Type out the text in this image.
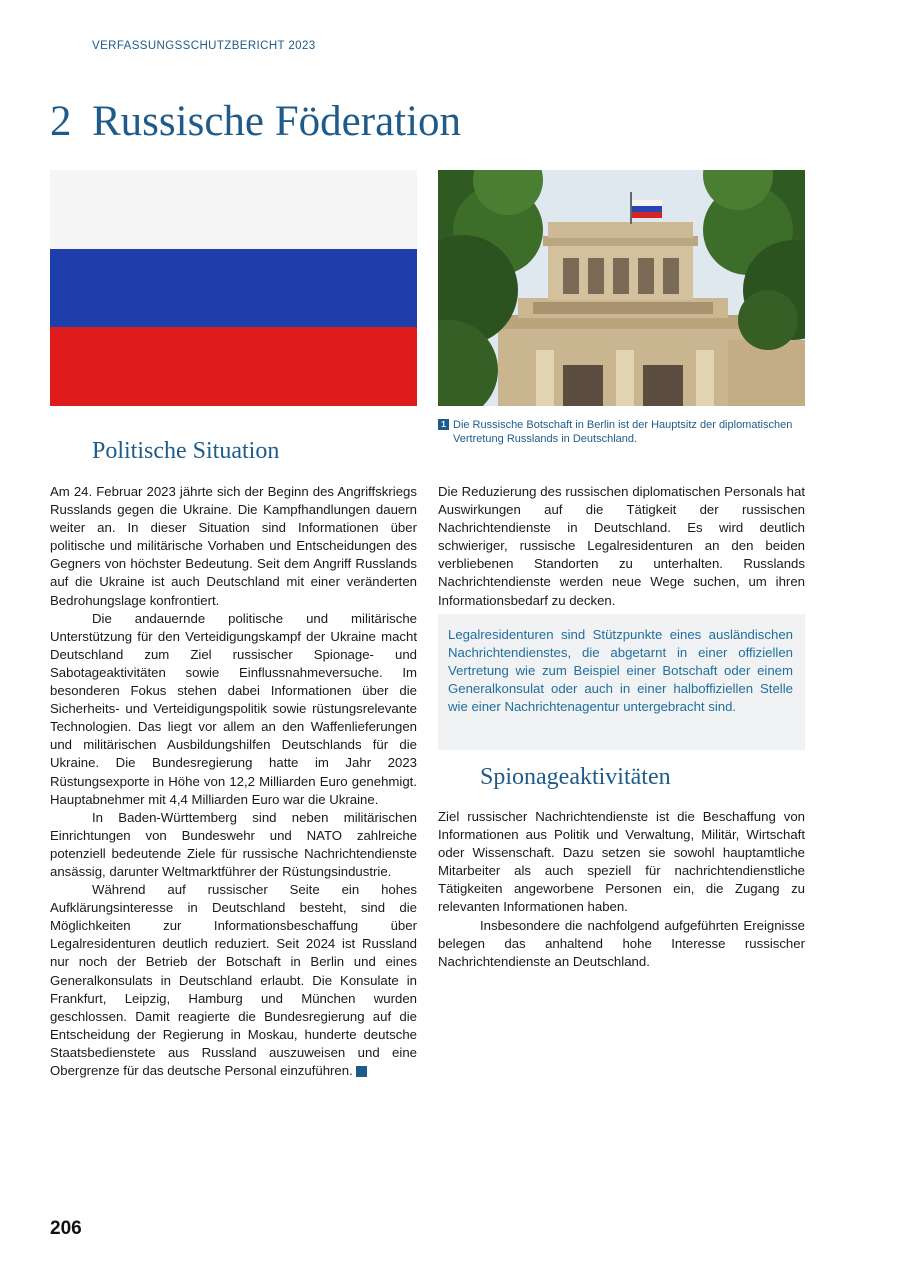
VERFASSUNGSSCHUTZBERICHT 2023
2 Russische Föderation
1 Die Russische Botschaft in Berlin ist der Hauptsitz der diplomatischen Vertretung Russlands in Deutschland.
Politische Situation

Am 24. Februar 2023 jährte sich der Beginn des Angriffskriegs Russlands gegen die Ukraine. Die Kampfhandlungen dauern weiter an. In dieser Situation sind Informationen über politische und militärische Vorhaben und Entscheidungen des Gegners von höchster Bedeutung. Seit dem Angriff Russlands auf die Ukraine ist auch Deutschland mit einer veränderten Bedrohungslage konfrontiert.

Die andauernde politische und militärische Unterstützung für den Verteidigungskampf der Ukraine macht Deutschland zum Ziel russischer Spionage- und Sabotageaktivitäten sowie Einflussnahmeversuche. Im besonderen Fokus stehen dabei Informationen über die Sicherheits- und Verteidigungspolitik sowie rüstungsrelevante Technologien. Das liegt vor allem an den Waffenlieferungen und militärischen Ausbildungshilfen Deutschlands für die Ukraine. Die Bundesregierung hatte im Jahr 2023 Rüstungsexporte in Höhe von 12,2 Milliarden Euro genehmigt. Hauptabnehmer mit 4,4 Milliarden Euro war die Ukraine.

In Baden-Württemberg sind neben militärischen Einrichtungen von Bundeswehr und NATO zahlreiche potenziell bedeutende Ziele für russische Nachrichtendienste ansässig, darunter Weltmarktführer der Rüstungsindustrie.

Während auf russischer Seite ein hohes Aufklärungsinteresse in Deutschland besteht, sind die Möglichkeiten zur Informationsbeschaffung über Legalresidenturen deutlich reduziert. Seit 2024 ist Russland nur noch der Betrieb der Botschaft in Berlin und eines Generalkonsulats in Deutschland erlaubt. Die Konsulate in Frankfurt, Leipzig, Hamburg und München wurden geschlossen. Damit reagierte die Bundesregierung auf die Entscheidung der Regierung in Moskau, hunderte deutsche Staatsbedienstete aus Russland auszuweisen und eine Obergrenze für das deutsche Personal einzuführen.	1

Die Reduzierung des russischen diplomatischen Personals hat Auswirkungen auf die Tätigkeit der russischen Nachrichtendienste in Deutschland. Es wird deutlich schwieriger, russische Legalresidenturen an den beiden verbliebenen Standorten zu unterhalten. Russlands Nachrichtendienste werden neue Wege suchen, um ihren Informationsbedarf zu decken.

Legalresidenturen sind Stützpunkte eines ausländischen Nachrichtendienstes, die abgetarnt in einer offiziellen Vertretung wie zum Beispiel einer Botschaft oder einem Generalkonsulat oder auch in einer halboffiziellen Stelle wie einer Nachrichtenagentur untergebracht sind.
Spionageaktivitäten

Ziel russischer Nachrichtendienste ist die Beschaffung von Informationen aus Politik und Verwaltung, Militär, Wirtschaft oder Wissenschaft. Dazu setzen sie sowohl hauptamtliche Mitarbeiter als auch speziell für nachrichtendienstliche Tätigkeiten angeworbene Personen ein, die Zugang zu relevanten Informationen haben.

Insbesondere die nachfolgend aufgeführten Ereignisse belegen das anhaltend hohe Interesse russischer Nachrichtendienste an Deutschland.

206
